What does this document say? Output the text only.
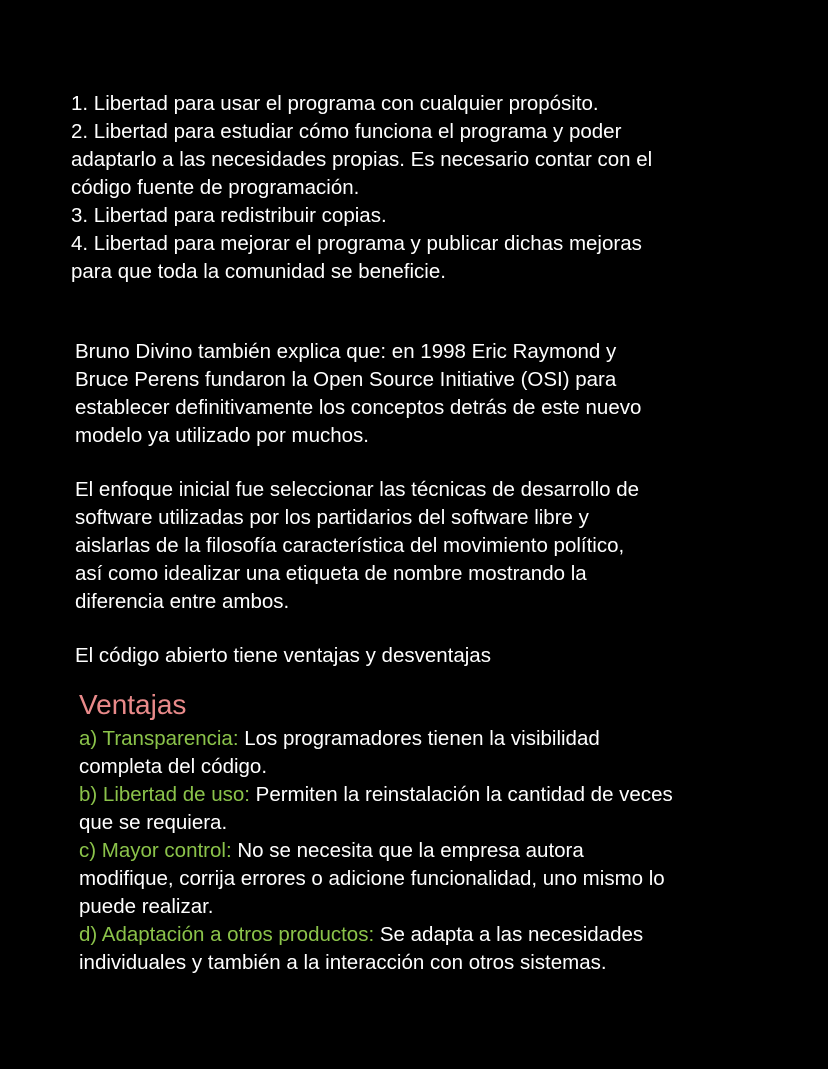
1. Libertad para usar el programa con cualquier propósito.
2. Libertad para estudiar cómo funciona el programa y poder
adaptarlo a las necesidades propias. Es necesario contar con el
código fuente de programación.
3. Libertad para redistribuir copias.
4. Libertad para mejorar el programa y publicar dichas mejoras
para que toda la comunidad se beneficie.
Bruno Divino también explica que: en 1998 Eric Raymond y
Bruce Perens fundaron la Open Source Initiative (OSI) para
establecer definitivamente los conceptos detrás de este nuevo
modelo ya utilizado por muchos.
El enfoque inicial fue seleccionar las técnicas de desarrollo de
software utilizadas por los partidarios del software libre y
aislarlas de la filosofía característica del movimiento político,
así como idealizar una etiqueta de nombre mostrando la
diferencia entre ambos.
El código abierto tiene ventajas y desventajas
Ventajas
a) Transparencia: Los programadores tienen la visibilidad
completa del código.
b) Libertad de uso: Permiten la reinstalación la cantidad de veces
que se requiera.
c) Mayor control: No se necesita que la empresa autora
modifique, corrija errores o adicione funcionalidad, uno mismo lo
puede realizar.
d) Adaptación a otros productos: Se adapta a las necesidades
individuales y también a la interacción con otros sistemas.
